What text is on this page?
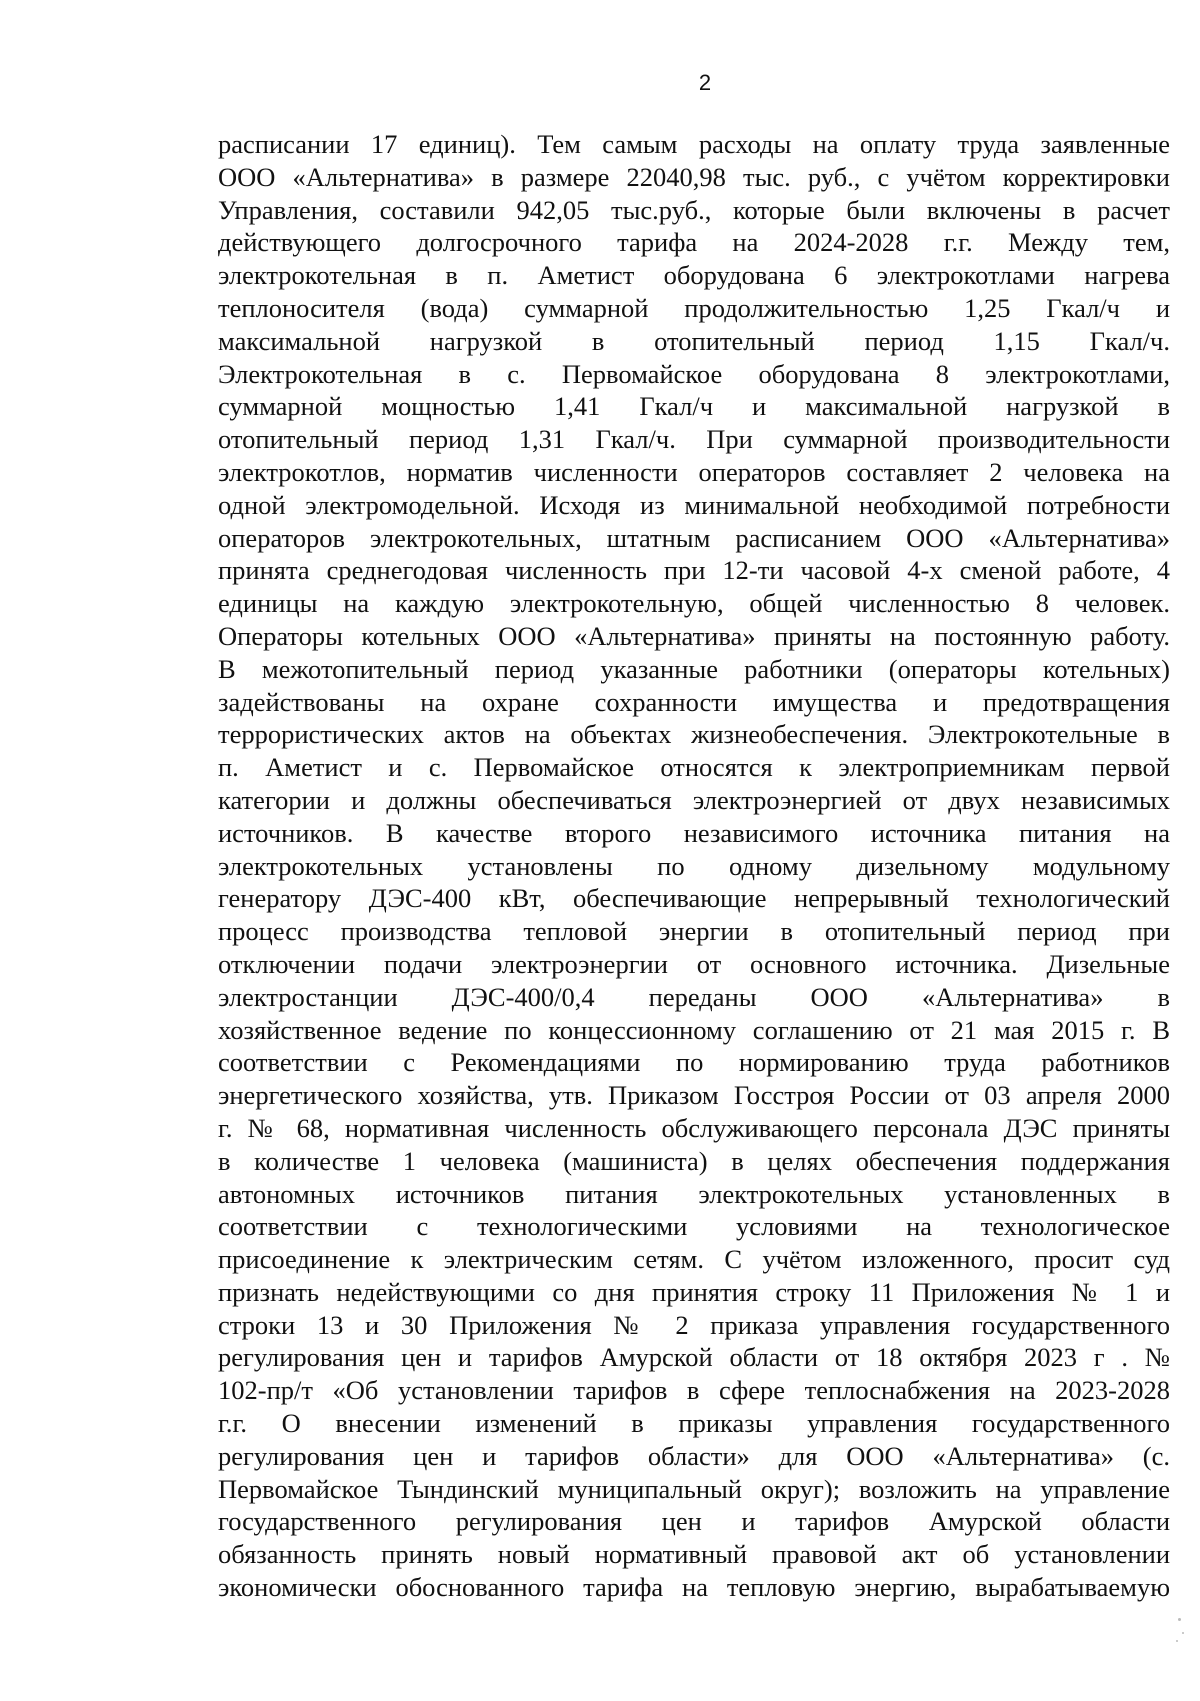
2
расписании 17 единиц). Тем самым расходы на оплату труда заявленные
ООО «Альтернатива» в размере 22040,98 тыс. руб., с учётом корректировки
Управления, составили 942,05 тыс.руб., которые были включены в расчет
действующего долгосрочного тарифа на 2024-2028 г.г. Между тем,
электрокотельная в п. Аметист оборудована 6 электрокотлами нагрева
теплоносителя (вода) суммарной продолжительностью 1,25 Гкал/ч и
максимальной нагрузкой в отопительный период 1,15 Гкал/ч.
Электрокотельная в с. Первомайское оборудована 8 электрокотлами,
суммарной мощностью 1,41 Гкал/ч и максимальной нагрузкой в
отопительный период 1,31 Гкал/ч. При суммарной производительности
электрокотлов, норматив численности операторов составляет 2 человека на
одной электромодельной. Исходя из минимальной необходимой потребности
операторов электрокотельных, штатным расписанием ООО «Альтернатива»
принята среднегодовая численность при 12-ти часовой 4-х сменой работе, 4
единицы на каждую электрокотельную, общей численностью 8 человек.
Операторы котельных ООО «Альтернатива» приняты на постоянную работу.
В межотопительный период указанные работники (операторы котельных)
задействованы на охране сохранности имущества и предотвращения
террористических актов на объектах жизнеобеспечения. Электрокотельные в
п. Аметист и с. Первомайское относятся к электроприемникам первой
категории и должны обеспечиваться электроэнергией от двух независимых
источников. В качестве второго независимого источника питания на
электрокотельных установлены по одному дизельному модульному
генератору ДЭС-400 кВт, обеспечивающие непрерывный технологический
процесс производства тепловой энергии в отопительный период при
отключении подачи электроэнергии от основного источника. Дизельные
электростанции ДЭС-400/0,4 переданы ООО «Альтернатива» в
хозяйственное ведение по концессионному соглашению от 21 мая 2015 г. В
соответствии с Рекомендациями по нормированию труда работников
энергетического хозяйства, утв. Приказом Госстроя России от 03 апреля 2000
г. № 68, нормативная численность обслуживающего персонала ДЭС приняты
в количестве 1 человека (машиниста) в целях обеспечения поддержания
автономных источников питания электрокотельных установленных в
соответствии с технологическими условиями на технологическое
присоединение к электрическим сетям. С учётом изложенного, просит суд
признать недействующими со дня принятия строку 11 Приложения № 1 и
строки 13 и 30 Приложения № 2 приказа управления государственного
регулирования цен и тарифов Амурской области от 18 октября 2023 г . №
102-пр/т «Об установлении тарифов в сфере теплоснабжения на 2023-2028
г.г. О внесении изменений в приказы управления государственного
регулирования цен и тарифов области» для ООО «Альтернатива» (с.
Первомайское Тындинский муниципальный округ); возложить на управление
государственного регулирования цен и тарифов Амурской области
обязанность принять новый нормативный правовой акт об установлении
экономически обоснованного тарифа на тепловую энергию, вырабатываемую
